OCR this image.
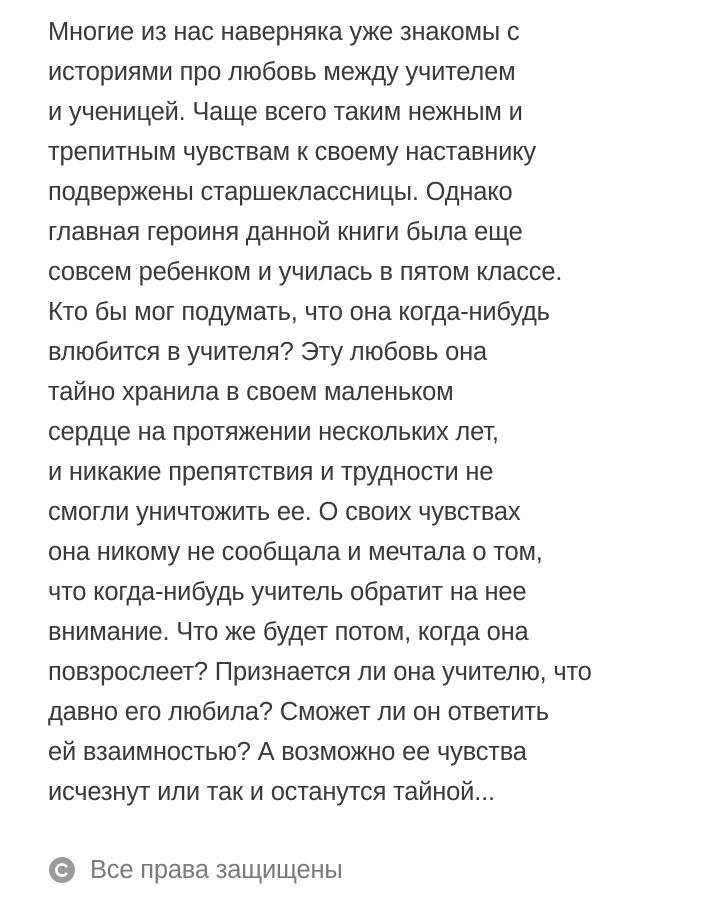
Многие из нас наверняка уже знакомы с
историями про любовь между учителем
и ученицей. Чаще всего таким нежным и
трепитным чувствам к своему наставнику
подвержены старшеклассницы. Однако
главная героиня данной книги была еще
совсем ребенком и училась в пятом классе.
Кто бы мог подумать, что она когда-нибудь
влюбится в учителя? Эту любовь она
тайно хранила в своем маленьком
сердце на протяжении нескольких лет,
и никакие препятствия и трудности не
смогли уничтожить ее. О своих чувствах
она никому не сообщала и мечтала о том,
что когда-нибудь учитель обратит на нее
внимание. Что же будет потом, когда она
повзрослеет? Признается ли она учителю, что
давно его любила? Сможет ли он ответить
ей взаимностью? А возможно ее чувства
исчезнут или так и останутся тайной...
Все права защищены
